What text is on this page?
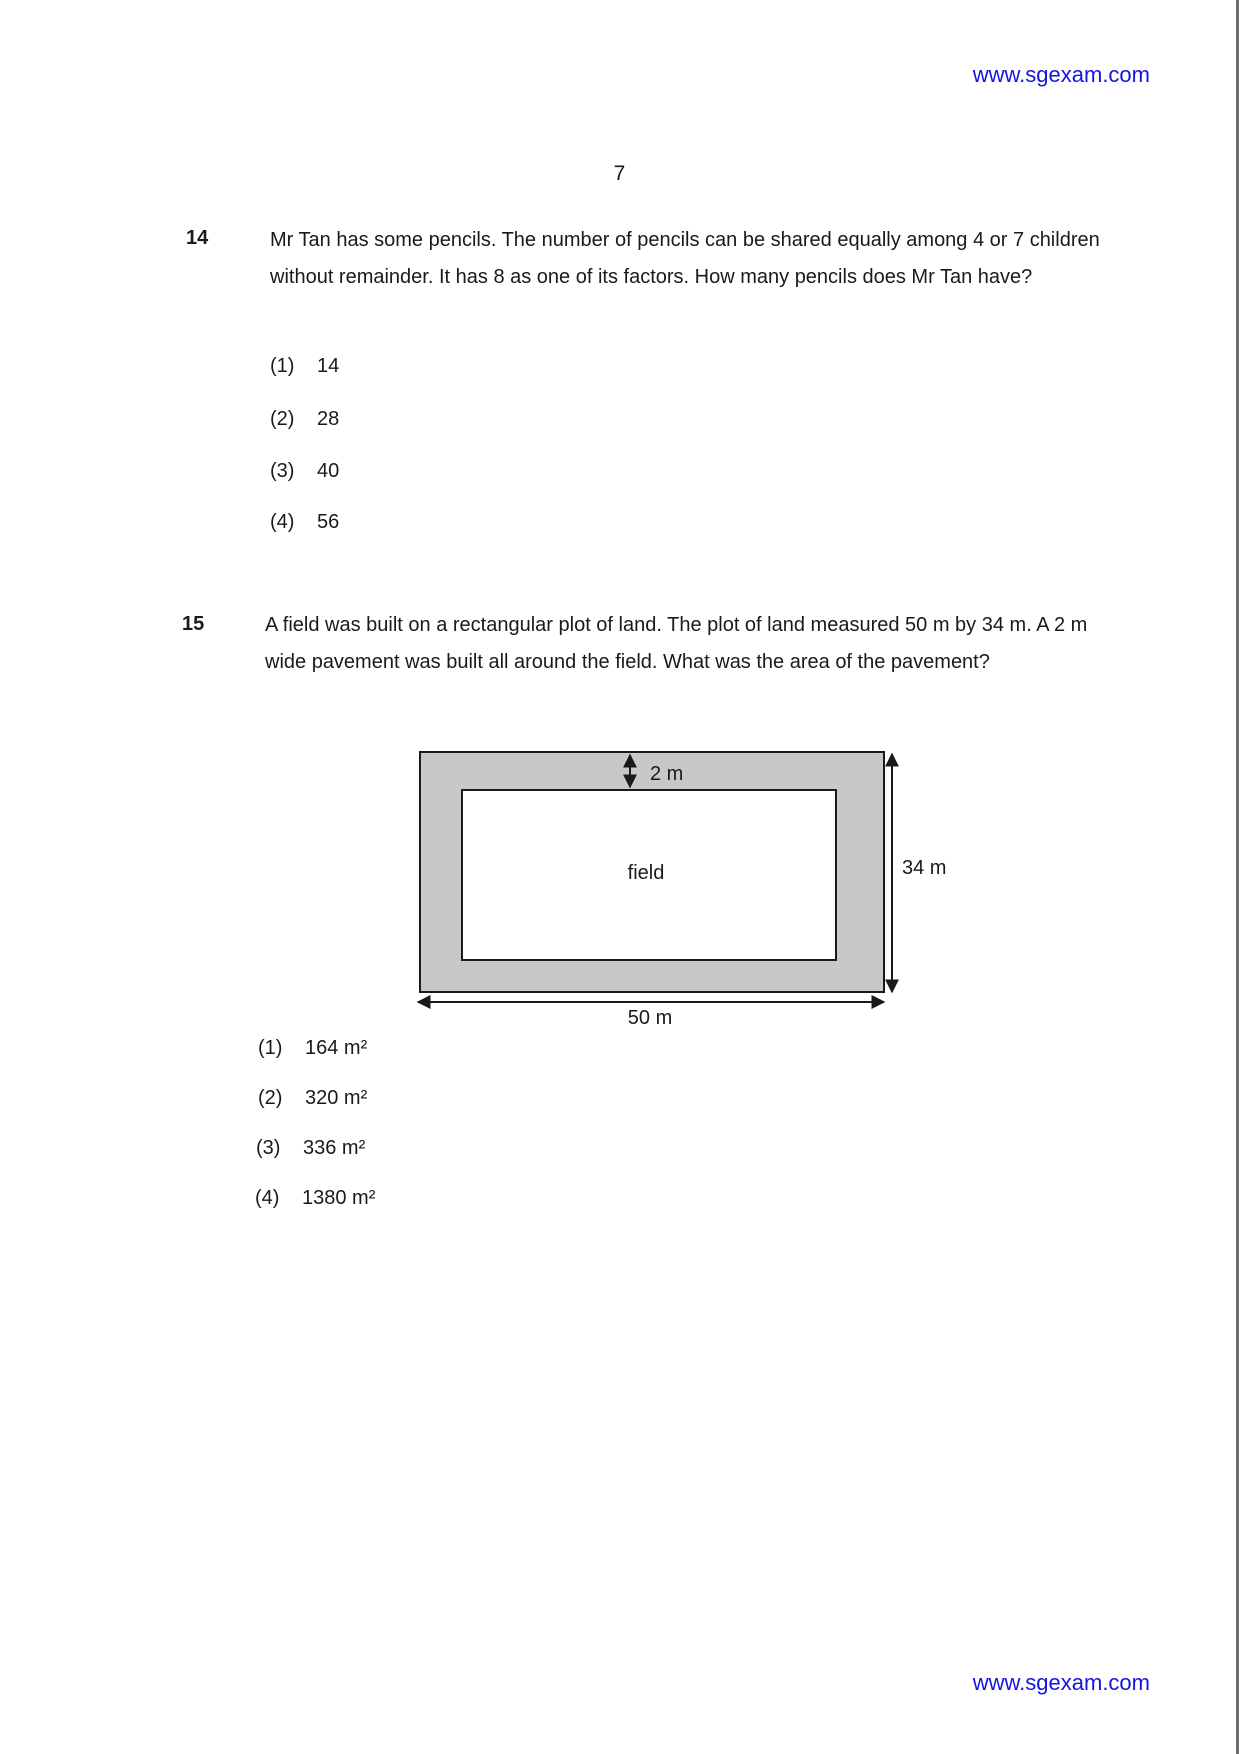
www.sgexam.com
7
14	Mr Tan has some pencils. The number of pencils can be shared equally among 4 or 7 children without remainder. It has 8 as one of its factors. How many pencils does Mr Tan have?
(1) 14
(2) 28
(3) 40
(4) 56
15	A field was built on a rectangular plot of land. The plot of land measured 50 m by 34 m. A 2 m wide pavement was built all around the field. What was the area of the pavement?
2 m
field	34 m
50 m
(1) 164 m²
(2) 320 m²
(3) 336 m²
(4) 1380 m²
www.sgexam.com
